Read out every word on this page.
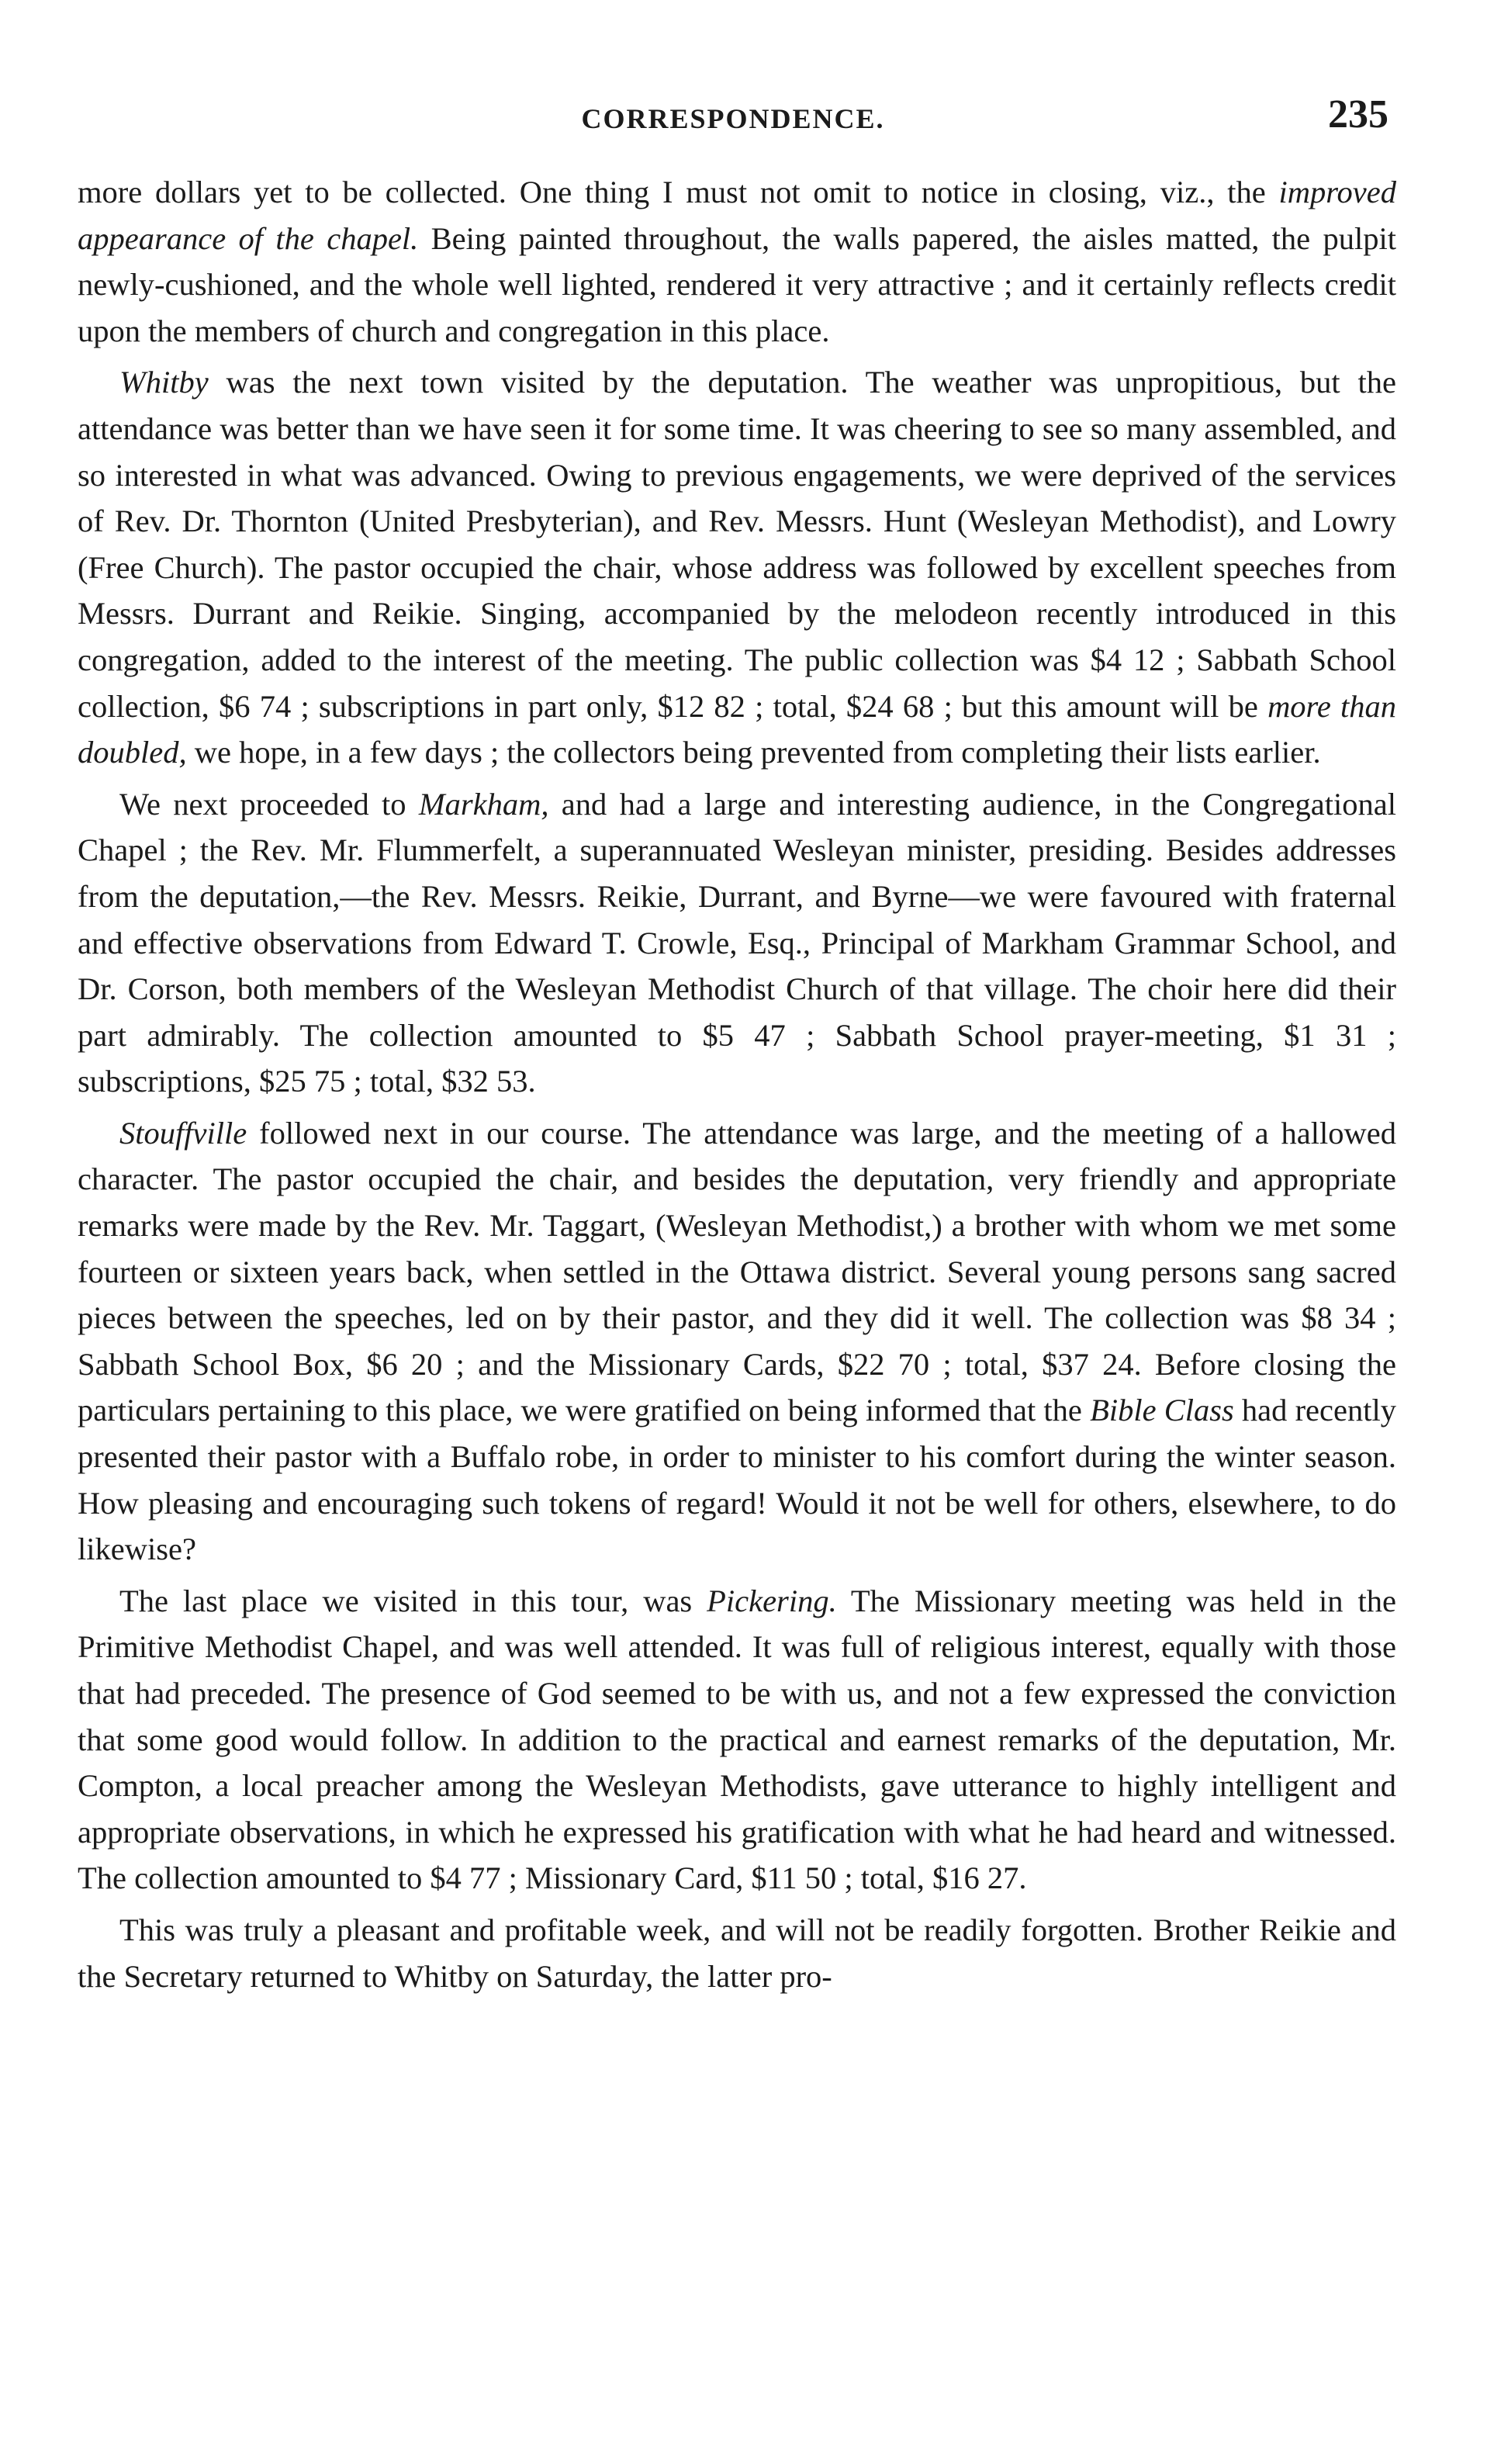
CORRESPONDENCE.	235

more dollars yet to be collected. One thing I must not omit to notice in closing, viz., the improved appearance of the chapel. Being painted throughout, the walls papered, the aisles matted, the pulpit newly-cushioned, and the whole well lighted, rendered it very attractive ; and it certainly reflects credit upon the members of church and congregation in this place.

Whitby was the next town visited by the deputation. The weather was unpropitious, but the attendance was better than we have seen it for some time. It was cheering to see so many assembled, and so interested in what was advanced. Owing to previous engagements, we were deprived of the services of Rev. Dr. Thornton (United Presbyterian), and Rev. Messrs. Hunt (Wesleyan Methodist), and Lowry (Free Church). The pastor occupied the chair, whose address was followed by excellent speeches from Messrs. Durrant and Reikie. Singing, accompanied by the melodeon recently introduced in this congregation, added to the interest of the meeting. The public collection was $4 12 ; Sabbath School collection, $6 74 ; subscriptions in part only, $12 82 ; total, $24 68 ; but this amount will be more than doubled, we hope, in a few days ; the collectors being prevented from completing their lists earlier.

We next proceeded to Markham, and had a large and interesting audience, in the Congregational Chapel ; the Rev. Mr. Flummerfelt, a superannuated Wesleyan minister, presiding. Besides addresses from the deputation,—the Rev. Messrs. Reikie, Durrant, and Byrne—we were favoured with fraternal and effective observations from Edward T. Crowle, Esq., Principal of Markham Grammar School, and Dr. Corson, both members of the Wesleyan Methodist Church of that village. The choir here did their part admirably. The collection amounted to $5 47 ; Sabbath School prayer-meeting, $1 31 ; subscriptions, $25 75 ; total, $32 53.

Stouffville followed next in our course. The attendance was large, and the meeting of a hallowed character. The pastor occupied the chair, and besides the deputation, very friendly and appropriate remarks were made by the Rev. Mr. Taggart, (Wesleyan Methodist,) a brother with whom we met some fourteen or sixteen years back, when settled in the Ottawa district. Several young persons sang sacred pieces between the speeches, led on by their pastor, and they did it well. The collection was $8 34 ; Sabbath School Box, $6 20 ; and the Missionary Cards, $22 70 ; total, $37 24. Before closing the particulars pertaining to this place, we were gratified on being informed that the Bible Class had recently presented their pastor with a Buffalo robe, in order to minister to his comfort during the winter season. How pleasing and encouraging such tokens of regard! Would it not be well for others, elsewhere, to do likewise?

The last place we visited in this tour, was Pickering. The Missionary meeting was held in the Primitive Methodist Chapel, and was well attended. It was full of religious interest, equally with those that had preceded. The presence of God seemed to be with us, and not a few expressed the conviction that some good would follow. In addition to the practical and earnest remarks of the deputation, Mr. Compton, a local preacher among the Wesleyan Methodists, gave utterance to highly intelligent and appropriate observations, in which he expressed his gratification with what he had heard and witnessed. The collection amounted to $4 77 ; Missionary Card, $11 50 ; total, $16 27.

This was truly a pleasant and profitable week, and will not be readily forgotten. Brother Reikie and the Secretary returned to Whitby on Saturday, the latter pro-
